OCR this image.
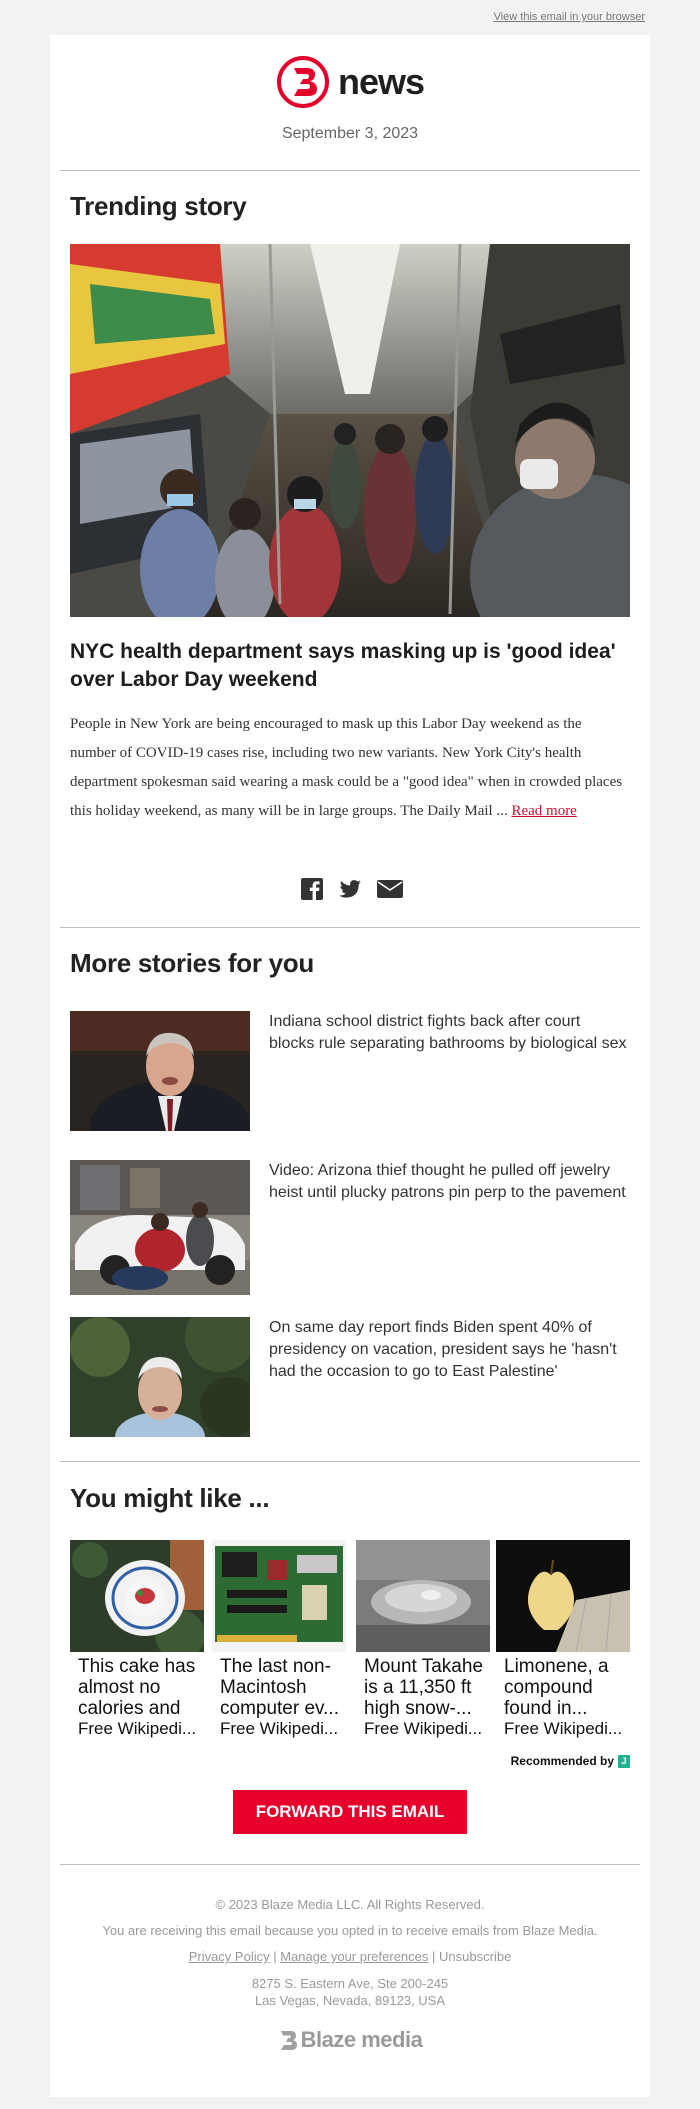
View this email in your browser
news
September 3, 2023
Trending story
NYC health department says masking up is 'good idea' over Labor Day weekend
People in New York are being encouraged to mask up this Labor Day weekend as the number of COVID-19 cases rise, including two new variants. New York City's health department spokesman said wearing a mask could be a "good idea" when in crowded places this holiday weekend, as many will be in large groups. The Daily Mail ... Read more
More stories for you
Indiana school district fights back after court blocks rule separating bathrooms by biological sex
Video: Arizona thief thought he pulled off jewelry heist until plucky patrons pin perp to the pavement
On same day report finds Biden spent 40% of presidency on vacation, president says he 'hasn't had the occasion to go to East Palestine'
You might like ...
This cake has almost no calories and
Free Wikipedi...
The last non-Macintosh computer ev...
Free Wikipedi...
Mount Takahe is a 11,350 ft high snow-...
Free Wikipedi...
Limonene, a compound found in...
Free Wikipedi...
Recommended by J
FORWARD THIS EMAIL
© 2023 Blaze Media LLC. All Rights Reserved.
You are receiving this email because you opted in to receive emails from Blaze Media.
Privacy Policy | Manage your preferences | Unsubscribe
8275 S. Eastern Ave, Ste 200-245
Las Vegas, Nevada, 89123, USA
Blaze media
